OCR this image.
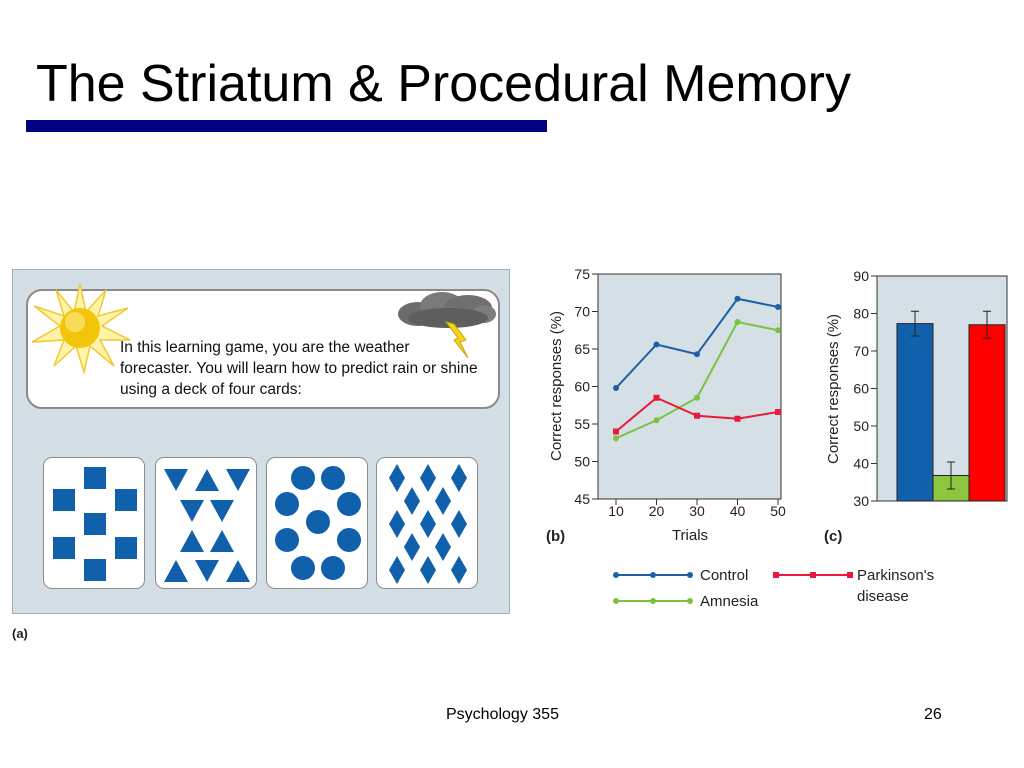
The Striatum & Procedural Memory
(a)
In this learning game, you are the weather forecaster. You will learn how to predict rain or shine using a deck of four cards:
45
50
55
60
65
70
75
10 20 30 40 50
Correct responses (%)
Trials
(b)
Control
Amnesia
Parkinson's
disease
30
40
50
60
70
80
90
Correct responses (%)
(c)
Psychology 355	26
